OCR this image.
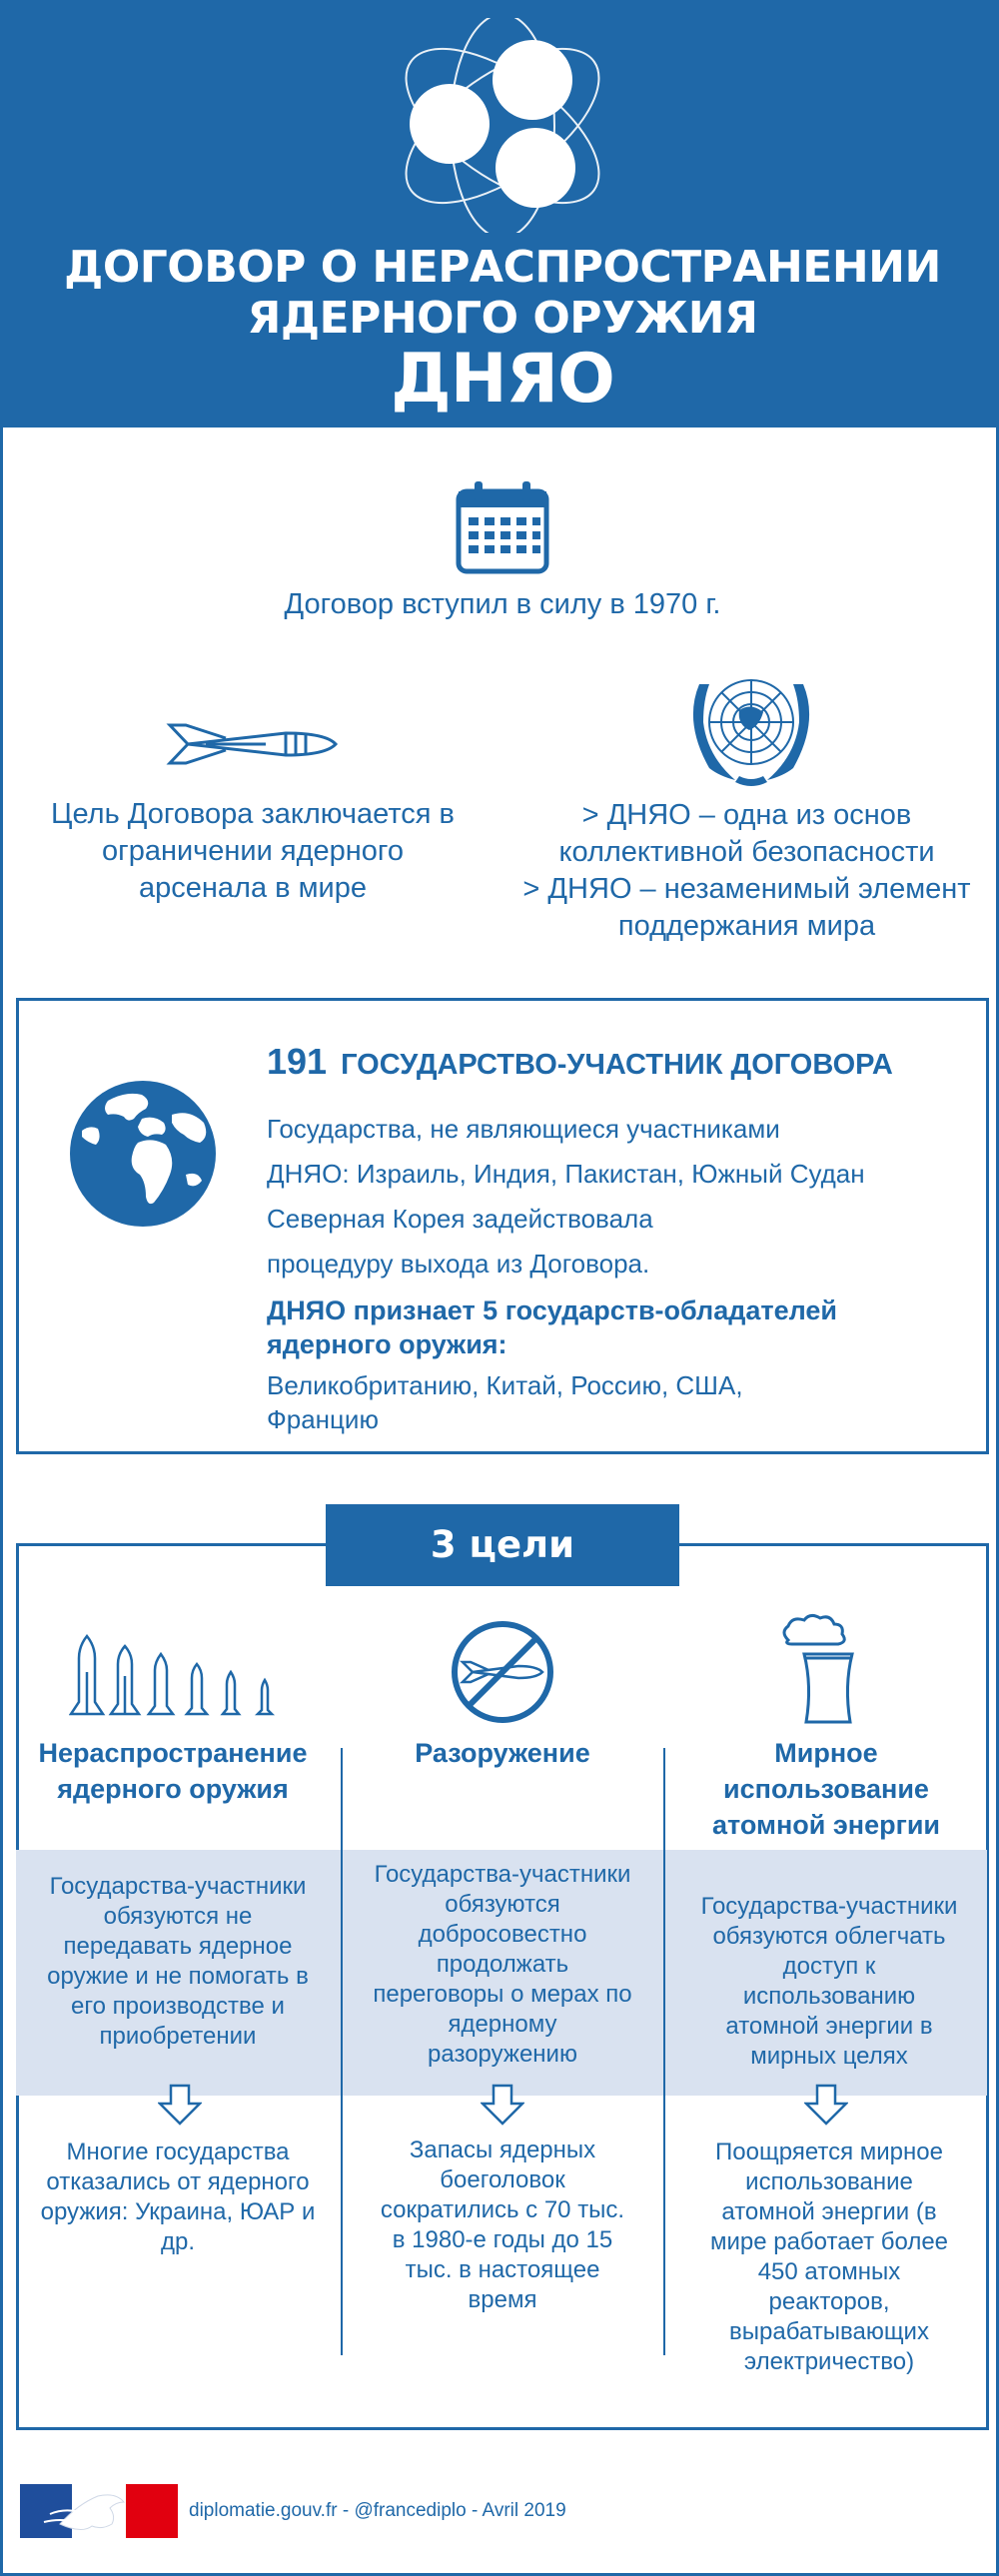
ДОГОВОР О НЕРАСПРОСТРАНЕНИИ
ЯДЕРНОГО ОРУЖИЯ
ДНЯО
Договор вступил в силу в 1970 г.
Цель Договора заключается в
ограничении ядерного
арсенала в мире
> ДНЯО – одна из основ
коллективной безопасности
> ДНЯО – незаменимый элемент
поддержания мира
191 ГОСУДАРСТВО-УЧАСТНИК ДОГОВОРА
Государства, не являющиеся участниками
ДНЯО: Израиль, Индия, Пакистан, Южный Судан
Северная Корея задействовала
процедуру выхода из Договора.
ДНЯО признает 5 государств-обладателей
ядерного оружия:
Великобританию, Китай, Россию, США,
Францию
3 цели Договора
Нераспространение
ядерного оружия
Разоружение	Мирное
использование
атомной энергии
Государства-участники
обязуются не
передавать ядерное
оружие и не помогать в
его производстве и
приобретении
Государства-участники
обязуются
добросовестно
продолжать
переговоры о мерах по
ядерному
разоружению
Государства-участники
обязуются облегчать
доступ к
использованию
атомной энергии в
мирных целях
Многие государства
отказались от ядерного
оружия: Украина, ЮАР и
др.
Запасы ядерных
боеголовок
сократились с 70 тыс.
в 1980-е годы до 15
тыс. в настоящее
время
Поощряется мирное
использование
атомной энергии (в
мире работает более
450 атомных
реакторов,
вырабатывающих
электричество)
diplomatie.gouv.fr - @francediplo - Avril 2019
